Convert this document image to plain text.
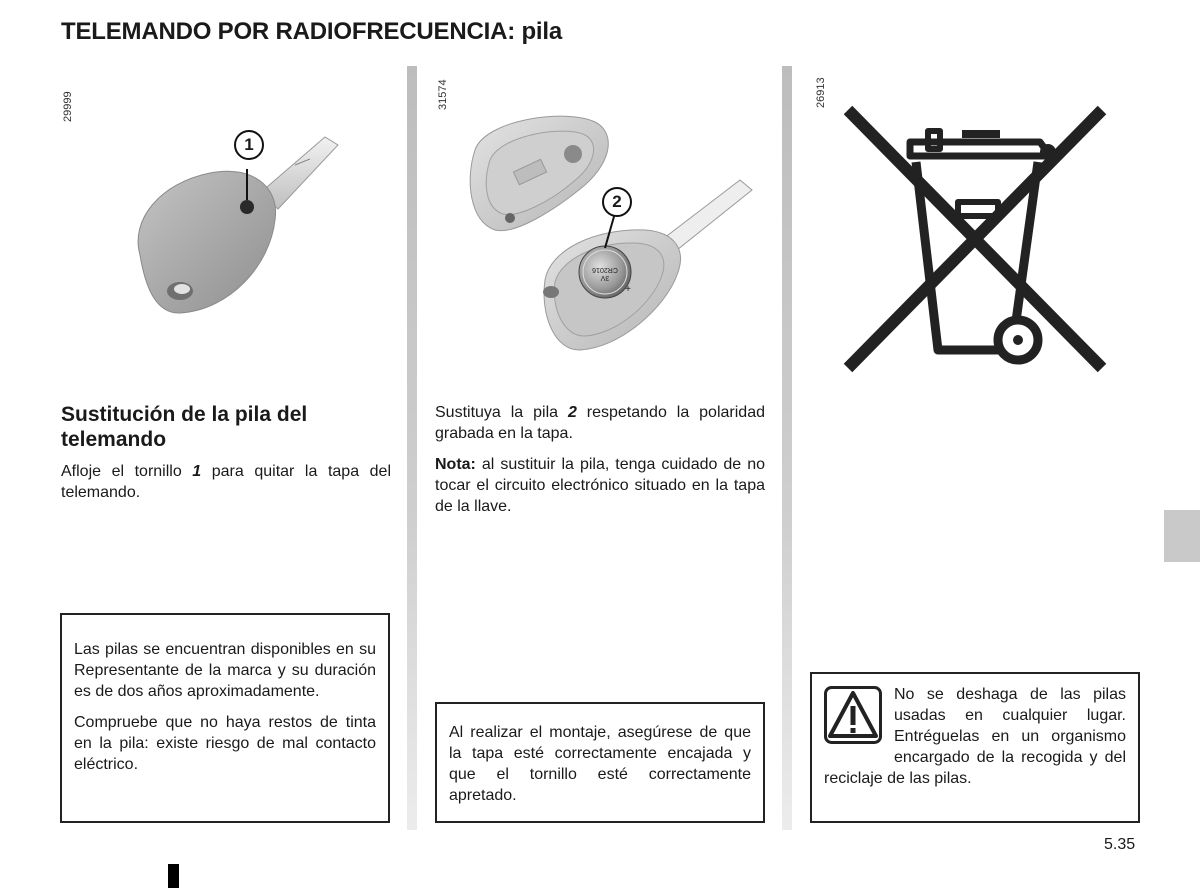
TELEMANDO POR RADIOFRECUENCIA: pila
29999
1
31574
CR2016
3V
+
2
26913
Sustitución de la pila del telemando

Afloje el tornillo 1 para quitar la tapa del telemando.

Las pilas se encuentran disponibles en su Representante de la marca y su duración es de dos años aproximadamente.

Compruebe que no haya restos de tinta en la pila: existe riesgo de mal contacto eléctrico.

Sustituya la pila 2 respetando la polaridad grabada en la tapa.

Nota: al sustituir la pila, tenga cuidado de no tocar el circuito electrónico situado en la tapa de la llave.

Al realizar el montaje, asegúrese de que la tapa esté correctamente encajada y que el tornillo esté correctamente apretado.

No se deshaga de las pilas usadas en cualquier lugar. Entréguelas en un organismo encargado de la recogida y del reciclaje de las pilas.

5.35
